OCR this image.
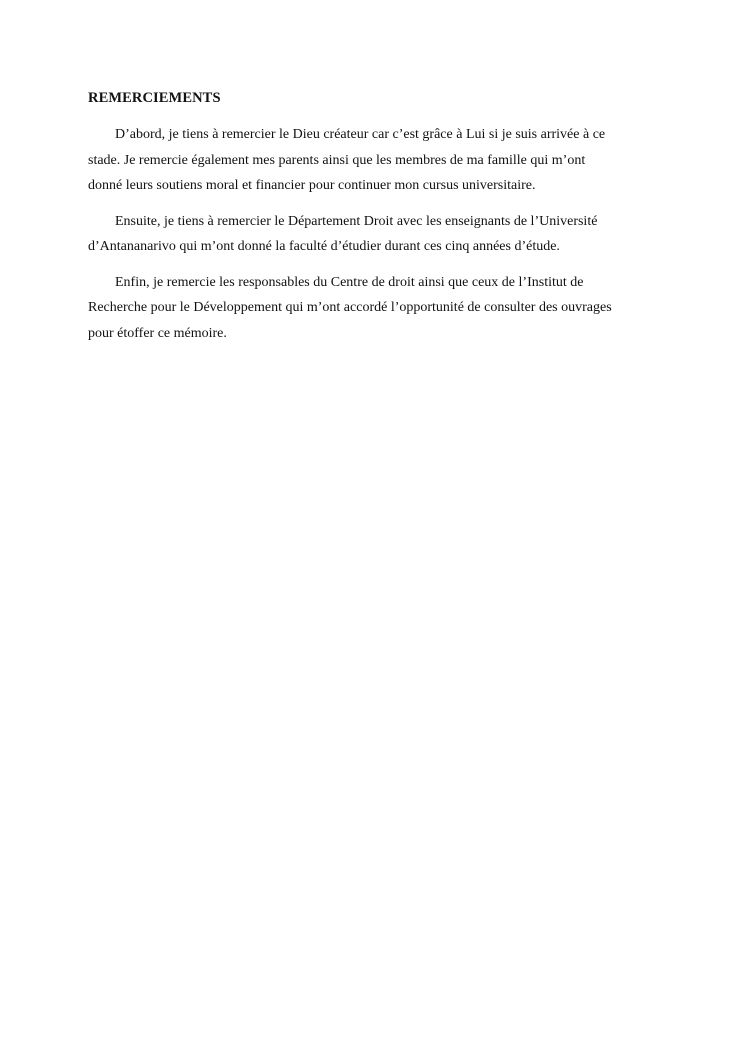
REMERCIEMENTS

D’abord, je tiens à remercier le Dieu créateur car c’est grâce à Lui si je suis arrivée à ce
stade. Je remercie également mes parents ainsi que les membres de ma famille qui m’ont
donné leurs soutiens moral et financier pour continuer mon cursus universitaire.

Ensuite, je tiens à remercier le Département Droit avec les enseignants de l’Université
d’Antananarivo qui m’ont donné la faculté d’étudier durant ces cinq années d’étude.

Enfin, je remercie les responsables du Centre de droit ainsi que ceux de l’Institut de
Recherche pour le Développement qui m’ont accordé l’opportunité de consulter des ouvrages
pour étoffer ce mémoire.
